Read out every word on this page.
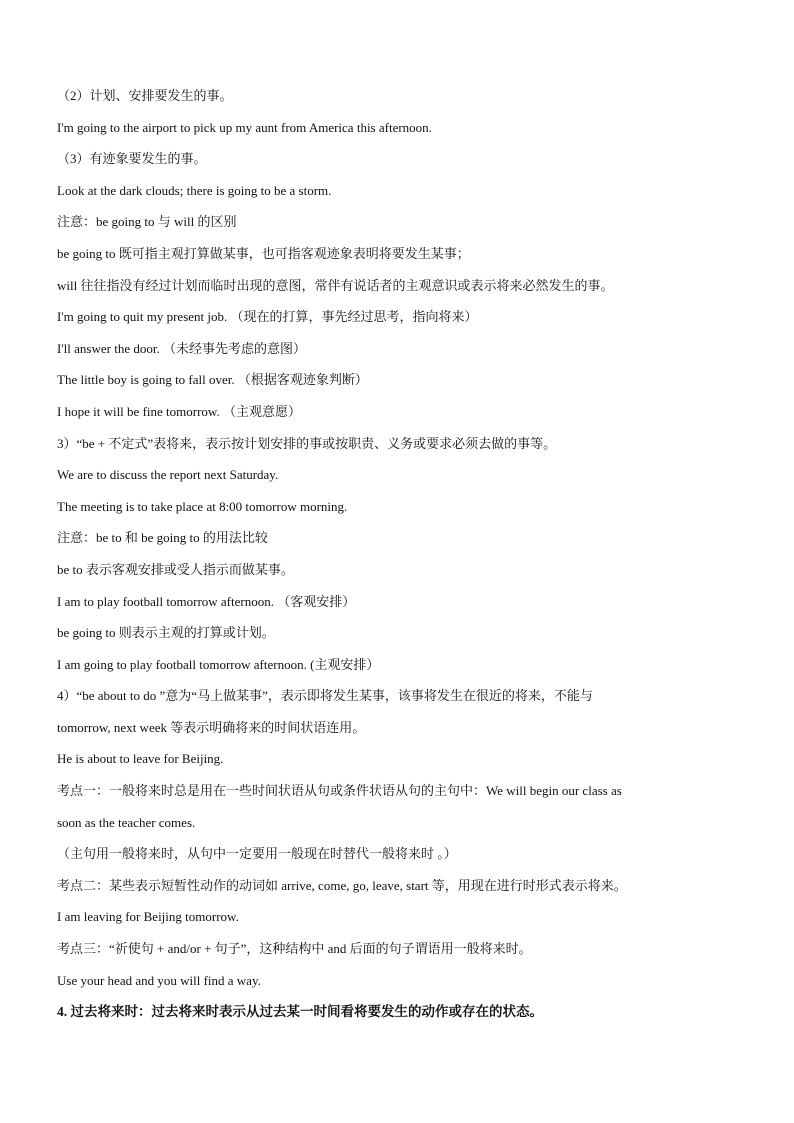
（2）计划、安排要发生的事。
I'm going to the airport to pick up my aunt from America this afternoon.
（3）有迹象要发生的事。
Look at the dark clouds; there is going to be a storm.
注意：be going to 与 will 的区别
be going to 既可指主观打算做某事，也可指客观迹象表明将要发生某事；
will 往往指没有经过计划而临时出现的意图，常伴有说话者的主观意识或表示将来必然发生的事。
I'm going to quit my present job. （现在的打算，事先经过思考，指向将来）
I'll answer the door. （未经事先考虑的意图）
The little boy is going to fall over. （根据客观迹象判断）
I hope it will be fine tomorrow. （主观意愿）
3）“be + 不定式”表将来，表示按计划安排的事或按职责、义务或要求必须去做的事等。
We are to discuss the report next Saturday.
The meeting is to take place at 8:00 tomorrow morning.
注意：be to 和 be going to 的用法比较
be to 表示客观安排或受人指示而做某事。
I am to play football tomorrow afternoon. （客观安排）
be going to 则表示主观的打算或计划。
I am going to play football tomorrow afternoon. (主观安排）
4）“be about to do ”意为“马上做某事”，表示即将发生某事，该事将发生在很近的将来，不能与
tomorrow, next week 等表示明确将来的时间状语连用。
He is about to leave for Beijing.
考点一：一般将来时总是用在一些时间状语从句或条件状语从句的主句中：We will begin our class as
soon as the teacher comes.
（主句用一般将来时，从句中一定要用一般现在时替代一般将来时 。）
考点二：某些表示短暂性动作的动词如 arrive, come, go, leave, start 等，用现在进行时形式表示将来。
I am leaving for Beijing tomorrow.
考点三：“祈使句 + and/or + 句子”，这种结构中 and 后面的句子谓语用一般将来时。
Use your head and you will find a way.
4. 过去将来时：过去将来时表示从过去某一时间看将要发生的动作或存在的状态。
